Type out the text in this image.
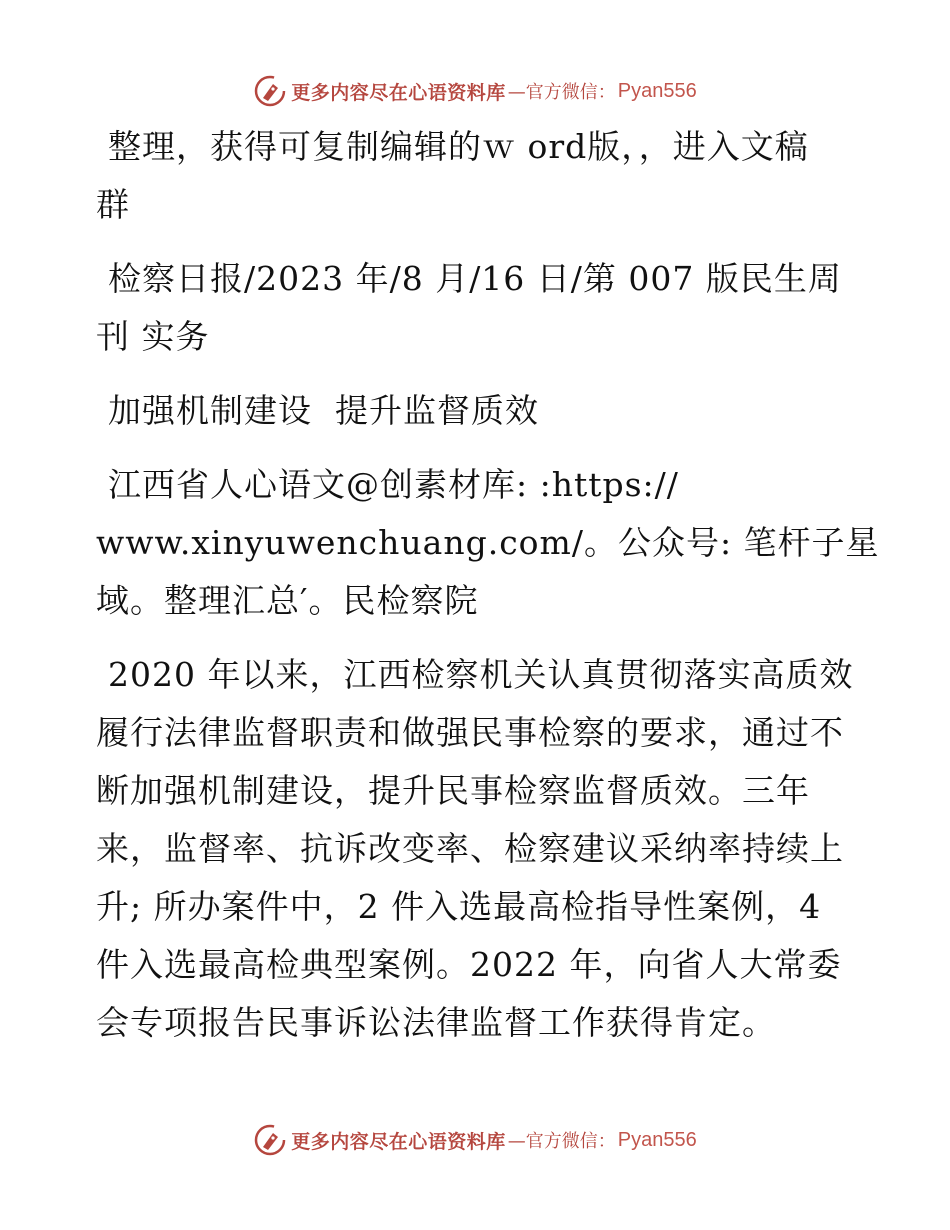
更多内容尽在心语资料库 —官方微信： Pyan556

整理，获得可复制编辑的ｗ ord版，，进入文稿
群

检察日报/2023 年/8 月/16 日/第 007 版民生周
刊 实务

加强机制建设  提升监督质效

江西省人心语文@创素材库: :https://
www.xinyuwenchuang.com/。公众号: 笔杆子星
域。整理汇总′。民检察院

2020 年以来，江西检察机关认真贯彻落实高质效
履行法律监督职责和做强民事检察的要求，通过不
断加强机制建设，提升民事检察监督质效。三年
来，监督率、抗诉改变率、检察建议采纳率持续上
升; 所办案件中，2 件入选最高检指导性案例，4
件入选最高检典型案例。2022 年，向省人大常委
会专项报告民事诉讼法律监督工作获得肯定。

更多内容尽在心语资料库 —官方微信： Pyan556
